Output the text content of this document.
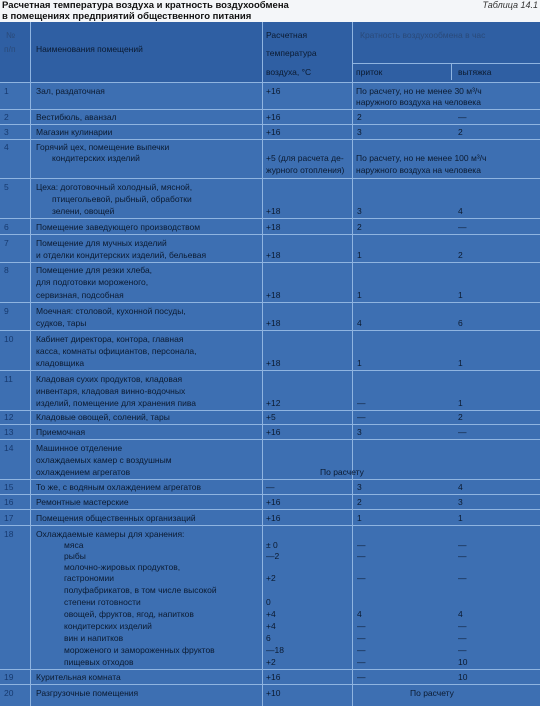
Расчетная температура воздуха и кратность воздухообмена
в помещениях предприятий общественного питания
Таблица 14.1
№
п/п Наименования помещений
Расчетная
температура
воздуха, °С
Кратность воздухообмена в час
приток	вытяжка
1	Зал, раздаточная	+16	По расчету, но не менее 30 м³/ч
наружного воздуха на человека
2	Вестибюль, аванзал	+16	2	—
3	Магазин кулинарии	+16	3	2
4	Горячий цех, помещение выпечки
кондитерских изделий	+5 (для расчета де-
журного отопления)
По расчету, но не менее 100 м³/ч
наружного воздуха на человека
5	Цеха: доготовочный холодный, мясной,
птицегольевой, рыбный, обработки
зелени, овощей	+18	3	4
6	Помещение заведующего производством	+18	2	—
7	Помещение для мучных изделий
и отделки кондитерских изделий, бельевая	+18	1	2
8	Помещение для резки хлеба,
для подготовки мороженого,
сервизная, подсобная	+18	1	1
9	Моечная: столовой, кухонной посуды,
судков, тары	+18	4	6
10	Кабинет директора, контора, главная
касса, комнаты официантов, персонала,
кладовщика	+18	1	1
11	Кладовая сухих продуктов, кладовая
инвентаря, кладовая винно-водочных
изделий, помещение для хранения пива	+12	—	1
12	Кладовые овощей, солений, тары	+5	—	2
13	Приемочная	+16	3	—
14	Машинное отделение
охлаждаемых камер с воздушным
охлаждением агрегатов	По расчету
15	То же, с водяным охлаждением агрегатов	—	3	4
16	Ремонтные мастерские	+16	2	3
17	Помещения общественных организаций	+16	1	1
18	Охлаждаемые камеры для хранения:
мяса	± 0	—	—
рыбы	—2	—	—
молочно-жировых продуктов,
гастрономии	+2	—	—
полуфабрикатов, в том числе высокой
степени готовности	0
овощей, фруктов, ягод, напитков	+4	4	4
кондитерских изделий	+4	—	—
вин и напитков	6	—	—
мороженого и замороженных фруктов	—18	—	—
пищевых отходов	+2	—	10
19	Курительная комната	+16	—	10
20	Разгрузочные помещения	+10	По расчету
